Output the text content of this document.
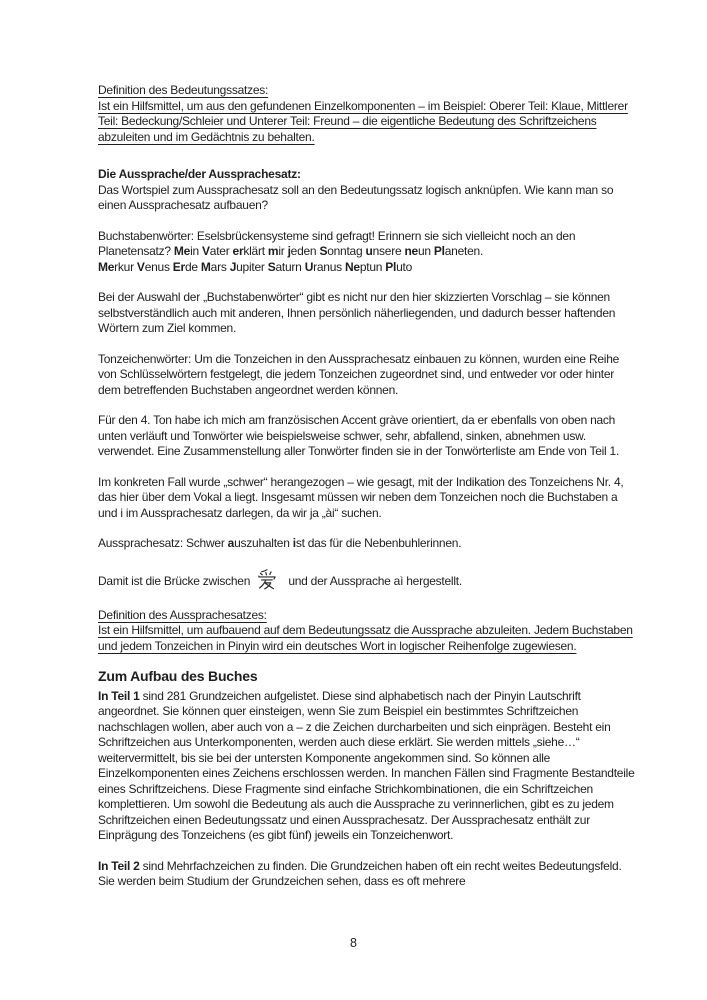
Definition des Bedeutungssatzes:
Ist ein Hilfsmittel, um aus den gefundenen Einzelkomponenten – im Beispiel: Oberer Teil: Klaue, Mittlerer Teil: Bedeckung/Schleier und Unterer Teil: Freund – die eigentliche Bedeutung des Schriftzeichens abzuleiten und im Gedächtnis zu behalten.

Die Aussprache/der Aussprachesatz:
Das Wortspiel zum Aussprachesatz soll an den Bedeutungssatz logisch anknüpfen. Wie kann man so einen Aussprachesatz aufbauen?

Buchstabenwörter: Eselsbrückensysteme sind gefragt! Erinnern sie sich vielleicht noch an den Planetensatz? Mein Vater erklärt mir jeden Sonntag unsere neun Planeten.
Merkur Venus Erde Mars Jupiter Saturn Uranus Neptun Pluto

Bei der Auswahl der „Buchstabenwörter“ gibt es nicht nur den hier skizzierten Vorschlag – sie können selbstverständlich auch mit anderen, Ihnen persönlich näherliegenden, und dadurch besser haftenden Wörtern zum Ziel kommen.

Tonzeichenwörter: Um die Tonzeichen in den Aussprachesatz einbauen zu können, wurden eine Reihe von Schlüsselwörtern festgelegt, die jedem Tonzeichen zugeordnet sind, und entweder vor oder hinter dem betreffenden Buchstaben angeordnet werden können.

Für den 4. Ton habe ich mich am französischen Accent gràve orientiert, da er ebenfalls von oben nach unten verläuft und Tonwörter wie beispielsweise schwer, sehr, abfallend, sinken, abnehmen usw. verwendet. Eine Zusammenstellung aller Tonwörter finden sie in der Tonwörterliste am Ende von Teil 1.

Im konkreten Fall wurde „schwer“ herangezogen – wie gesagt, mit der Indikation des Tonzeichens Nr. 4, das hier über dem Vokal a liegt. Insgesamt müssen wir neben dem Tonzeichen noch die Buchstaben a und i im Aussprachesatz darlegen, da wir ja „ài“ suchen.

Aussprachesatz: Schwer auszuhalten ist das für die Nebenbuhlerinnen.

Damit ist die Brücke zwischen	und der Aussprache aì hergestellt.

Definition des Aussprachesatzes:
Ist ein Hilfsmittel, um aufbauend auf dem Bedeutungssatz die Aussprache abzuleiten. Jedem Buchstaben und jedem Tonzeichen in Pinyin wird ein deutsches Wort in logischer Reihenfolge zugewiesen.

Zum Aufbau des Buches

In Teil 1 sind 281 Grundzeichen aufgelistet. Diese sind alphabetisch nach der Pinyin Lautschrift angeordnet. Sie können quer einsteigen, wenn Sie zum Beispiel ein bestimmtes Schriftzeichen nachschlagen wollen, aber auch von a – z die Zeichen durcharbeiten und sich einprägen. Besteht ein Schriftzeichen aus Unterkomponenten, werden auch diese erklärt. Sie werden mittels „siehe…“ weitervermittelt, bis sie bei der untersten Komponente angekommen sind. So können alle Einzelkomponenten eines Zeichens erschlossen werden. In manchen Fällen sind Fragmente Bestandteile eines Schriftzeichens. Diese Fragmente sind einfache Strichkombinationen, die ein Schriftzeichen komplettieren. Um sowohl die Bedeutung als auch die Aussprache zu verinnerlichen, gibt es zu jedem Schriftzeichen einen Bedeutungssatz und einen Aussprachesatz. Der Aussprachesatz enthält zur Einprägung des Tonzeichens (es gibt fünf) jeweils ein Tonzeichenwort.

In Teil 2 sind Mehrfachzeichen zu finden. Die Grundzeichen haben oft ein recht weites Bedeutungsfeld. Sie werden beim Studium der Grundzeichen sehen, dass es oft mehrere

8
